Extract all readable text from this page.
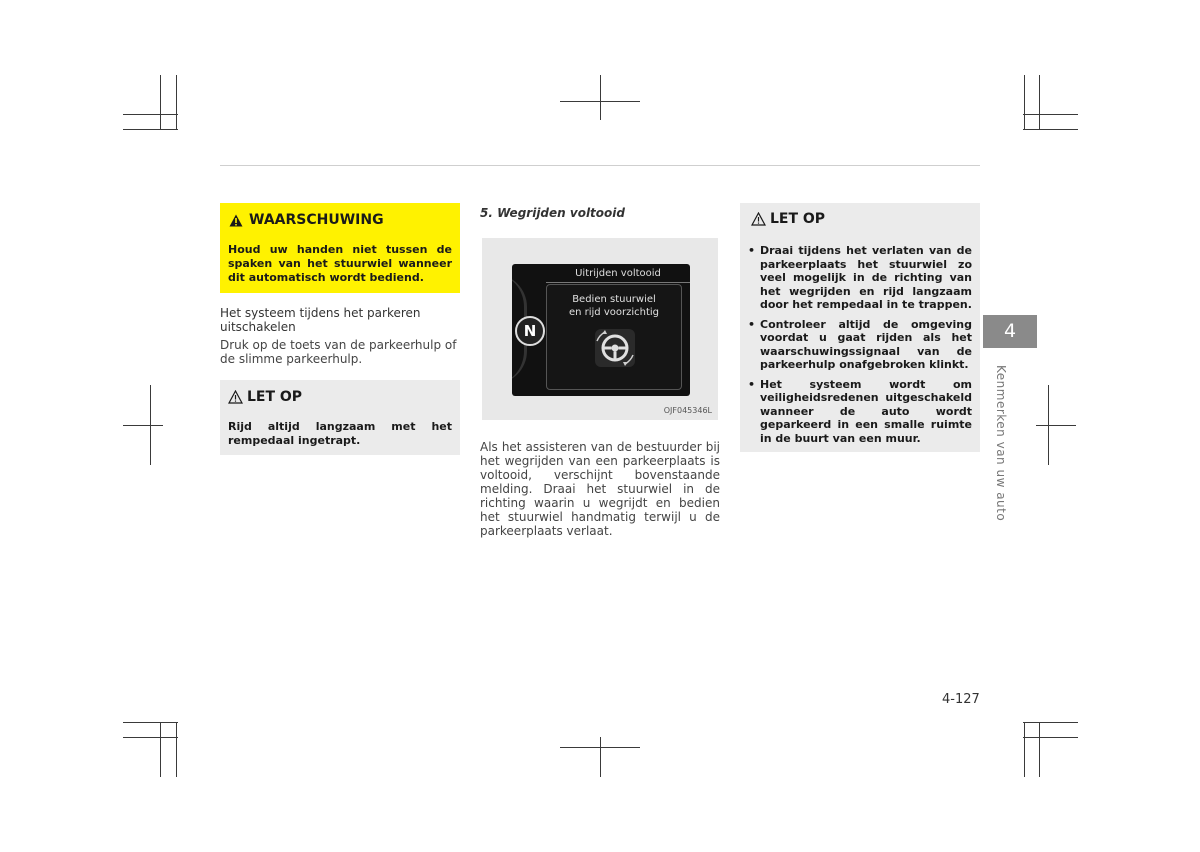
WAARSCHUWING
Houd uw handen niet tussen de spaken van het stuurwiel wanneer dit automatisch wordt bediend.
Het systeem tijdens het parkeren uitschakelen
Druk op de toets van de parkeerhulp of de slimme parkeerhulp.
LET OP
Rijd altijd langzaam met het rempedaal ingetrapt.
5. Wegrijden voltooid
Uitrijden voltooid
N
Bedien stuurwiel
en rijd voorzichtig
OJF045346L
Als het assisteren van de bestuurder bij het wegrijden van een parkeerplaats is voltooid, verschijnt bovenstaande melding. Draai het stuurwiel in de richting waarin u wegrijdt en bedien het stuurwiel handmatig terwijl u de parkeerplaats verlaat.
LET OP
• Draai tijdens het verlaten van de parkeerplaats het stuurwiel zo veel mogelijk in de richting van het wegrijden en rijd langzaam door het rempedaal in te trappen.
• Controleer altijd de omgeving voordat u gaat rijden als het waarschuwingssignaal van de parkeerhulp onafgebroken klinkt.
• Het systeem wordt om veiligheidsredenen uitgeschakeld wanneer de auto wordt geparkeerd in een smalle ruimte in de buurt van een muur.
4
Kenmerken van uw auto
4-127
